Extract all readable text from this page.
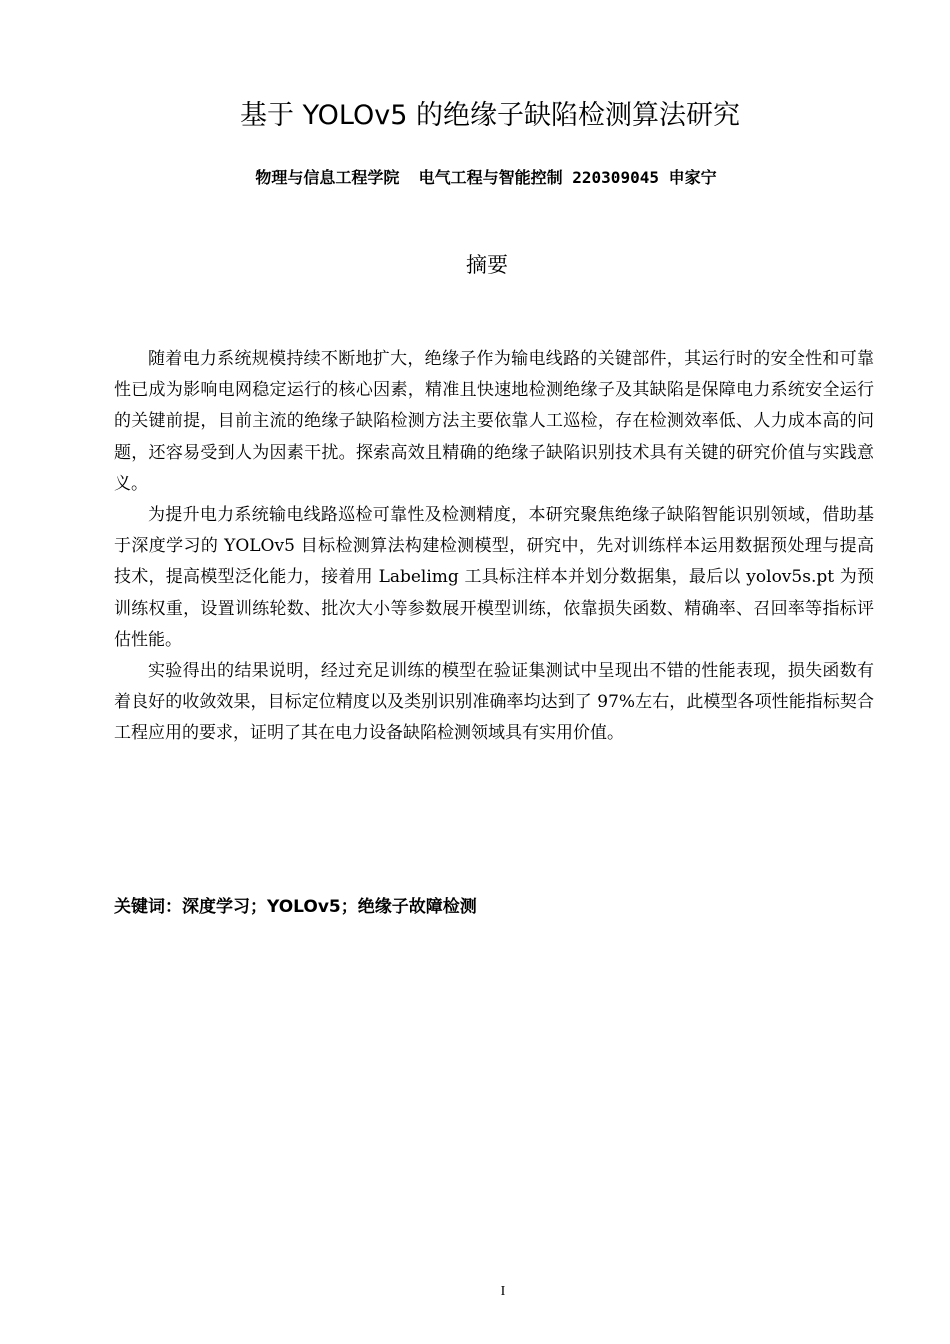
基于 YOLOv5 的绝缘子缺陷检测算法研究
物理与信息工程学院  电气工程与智能控制 220309045 申家宁
摘要

随着电力系统规模持续不断地扩大，绝缘子作为输电线路的关键部件，其运行时的安全性和可靠性已成为影响电网稳定运行的核心因素，精准且快速地检测绝缘子及其缺陷是保障电力系统安全运行的关键前提，目前主流的绝缘子缺陷检测方法主要依靠人工巡检，存在检测效率低、人力成本高的问题，还容易受到人为因素干扰。探索高效且精确的绝缘子缺陷识别技术具有关键的研究价值与实践意义。

为提升电力系统输电线路巡检可靠性及检测精度，本研究聚焦绝缘子缺陷智能识别领域，借助基于深度学习的 YOLOv5 目标检测算法构建检测模型，研究中，先对训练样本运用数据预处理与提高技术，提高模型泛化能力，接着用 Labelimg 工具标注样本并划分数据集，最后以 yolov5s.pt 为预训练权重，设置训练轮数、批次大小等参数展开模型训练，依靠损失函数、精确率、召回率等指标评估性能。

实验得出的结果说明，经过充足训练的模型在验证集测试中呈现出不错的性能表现，损失函数有着良好的收敛效果，目标定位精度以及类别识别准确率均达到了 97%左右，此模型各项性能指标契合工程应用的要求，证明了其在电力设备缺陷检测领域具有实用价值。

关键词：深度学习；YOLOv5；绝缘子故障检测
I
